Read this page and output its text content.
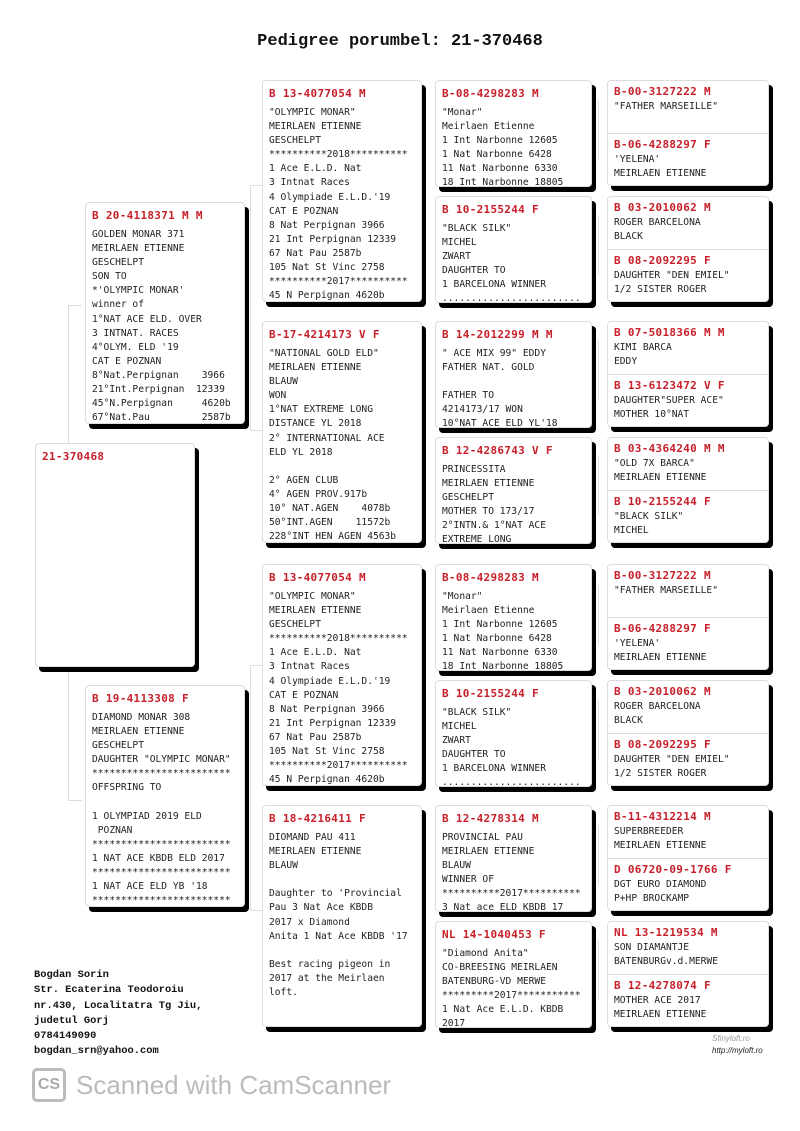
Pedigree porumbel: 21-370468
21-370468
B 20-4118371 M M
GOLDEN MONAR 371
MEIRLAEN ETIENNE
GESCHELPT
SON TO
*'OLYMPIC MONAR'
winner of
1°NAT ACE ELD. OVER
3 INTNAT. RACES
4°OLYM. ELD '19
CAT E POZNAN
8°Nat.Perpignan    3966
21°Int.Perpignan  12339
45°N.Perpignan     4620b
67°Nat.Pau         2587b
B 19-4113308 F
DIAMOND MONAR 308
MEIRLAEN ETIENNE
GESCHELPT
DAUGHTER "OLYMPIC MONAR"
************************
OFFSPRING TO

1 OLYMPIAD 2019 ELD
POZNAN
************************
1 NAT ACE KBDB ELD 2017
************************
1 NAT ACE ELD YB '18
************************
B 13-4077054 M
"OLYMPIC MONAR"
MEIRLAEN ETIENNE
GESCHELPT
**********2018**********
1 Ace E.L.D. Nat
3 Intnat Races
4 Olympiade E.L.D.'19
CAT E POZNAN
8 Nat Perpignan 3966
21 Int Perpignan 12339
67 Nat Pau 2587b
105 Nat St Vinc 2758
**********2017**********
45 N Perpignan 4620b
B-17-4214173 V F
"NATIONAL GOLD ELD"
MEIRLAEN ETIENNE
BLAUW
WON
1°NAT EXTREME LONG
DISTANCE YL 2018
2° INTERNATIONAL ACE
ELD YL 2018

2° AGEN CLUB
4° AGEN PROV.917b
10° NAT.AGEN    4078b
50°INT.AGEN    11572b
228°INT HEN AGEN 4563b
B 13-4077054 M
"OLYMPIC MONAR"
MEIRLAEN ETIENNE
GESCHELPT
**********2018**********
1 Ace E.L.D. Nat
3 Intnat Races
4 Olympiade E.L.D.'19
CAT E POZNAN
8 Nat Perpignan 3966
21 Int Perpignan 12339
67 Nat Pau 2587b
105 Nat St Vinc 2758
**********2017**********
45 N Perpignan 4620b
B 18-4216411 F
DIOMAND PAU 411
MEIRLAEN ETIENNE
BLAUW

Daughter to 'Provincial
Pau 3 Nat Ace KBDB
2017 x Diamond
Anita 1 Nat Ace KBDB '17

Best racing pigeon in
2017 at the Meirlaen
loft.
B-08-4298283 M
"Monar"
Meirlaen Etienne
1 Int Narbonne 12605
1 Nat Narbonne 6428
11 Nat Narbonne 6330
18 Int Narbonne 18805
B 10-2155244 F
"BLACK SILK"
MICHEL
ZWART
DAUGHTER TO
1 BARCELONA WINNER
........................
B 14-2012299 M M
" ACE MIX 99" EDDY
FATHER NAT. GOLD

FATHER TO
4214173/17 WON
10°NAT ACE ELD YL'18
B 12-4286743 V F
PRINCESSITA
MEIRLAEN ETIENNE
GESCHELPT
MOTHER TO 173/17
2°INTN.& 1°NAT ACE
EXTREME LONG
B-08-4298283 M
"Monar"
Meirlaen Etienne
1 Int Narbonne 12605
1 Nat Narbonne 6428
11 Nat Narbonne 6330
18 Int Narbonne 18805
B 10-2155244 F
"BLACK SILK"
MICHEL
ZWART
DAUGHTER TO
1 BARCELONA WINNER
........................
B 12-4278314 M
PROVINCIAL PAU
MEIRLAEN ETIENNE
BLAUW
WINNER OF
**********2017**********
3 Nat ace ELD KBDB 17
NL 14-1040453 F
"Diamond Anita"
CO-BREESING MEIRLAEN
BATENBURG-VD MERWE
*********2017***********
1 Nat Ace E.L.D. KBDB
2017
B-00-3127222 M
"FATHER MARSEILLE"
B-06-4288297 F
'YELENA'
MEIRLAEN ETIENNE
B 03-2010062 M
ROGER BARCELONA
BLACK
B 08-2092295 F
DAUGHTER "DEN EMIEL"
1/2 SISTER ROGER
B 07-5018366 M M
KIMI BARCA
EDDY
B 13-6123472 V F
DAUGHTER"SUPER ACE"
MOTHER 10°NAT
B 03-4364240 M M
"OLD 7X BARCA"
MEIRLAEN ETIENNE
B 10-2155244 F
"BLACK SILK"
MICHEL
B-00-3127222 M
"FATHER MARSEILLE"
B-06-4288297 F
'YELENA'
MEIRLAEN ETIENNE
B 03-2010062 M
ROGER BARCELONA
BLACK
B 08-2092295 F
DAUGHTER "DEN EMIEL"
1/2 SISTER ROGER
B-11-4312214 M
SUPERBREEDER
MEIRLAEN ETIENNE
D 06720-09-1766 F
DGT EURO DIAMOND
P+HP BROCKAMP
NL 13-1219534 M
SON DIAMANTJE
BATENBURGv.d.MERWE
B 12-4278074 F
MOTHER ACE 2017
MEIRLAEN ETIENNE
Bogdan Sorin
Str. Ecaterina Teodoroiu
nr.430, Localitatra Tg Jiu,
judetul Gorj
0784149090
bogdan_srn@yahoo.com
Sfinyloft.ro
http://myloft.ro
CS Scanned with CamScanner
